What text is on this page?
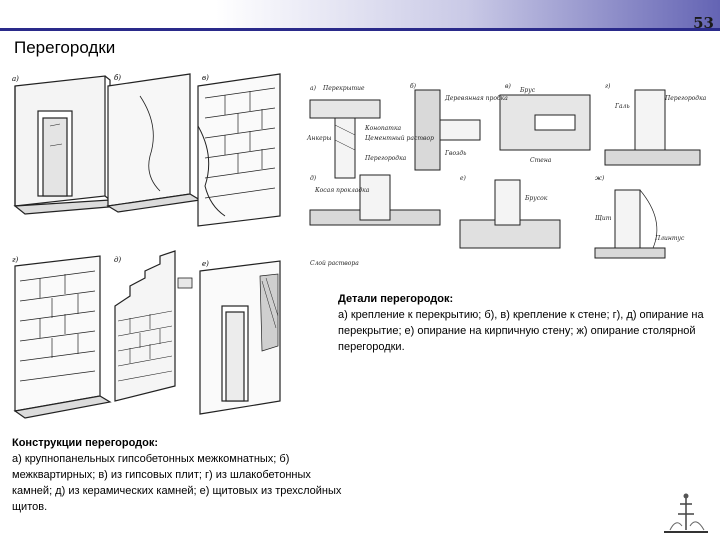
53
Перегородки
а)	б)	в)
г)	д)	е)
а) Перекрытие
Конопатка
Цементный раствор
Перегородка
Анкеры
б)
Деревянная пробка
Гвоздь
в)
Брус
Стена
г)
Галь
Перегородка
д)
Косая прокладка
Слой раствора
е)
Брусок
ж)
Щит
Плинтус
Детали перегородок:
а) крепление к перекрытию; б), в) крепление к стене; г), д) опирание на перекрытие; е) опирание на кирпичную стену; ж) опирание столярной перегородки.
Конструкции перегородок:
а) крупнопанельных гипсобетонных межкомнатных; б) межквартирных; в) из гипсовых плит; г) из шлакобетонных камней; д) из керамических камней; е) щитовых из трехслойных щитов.
